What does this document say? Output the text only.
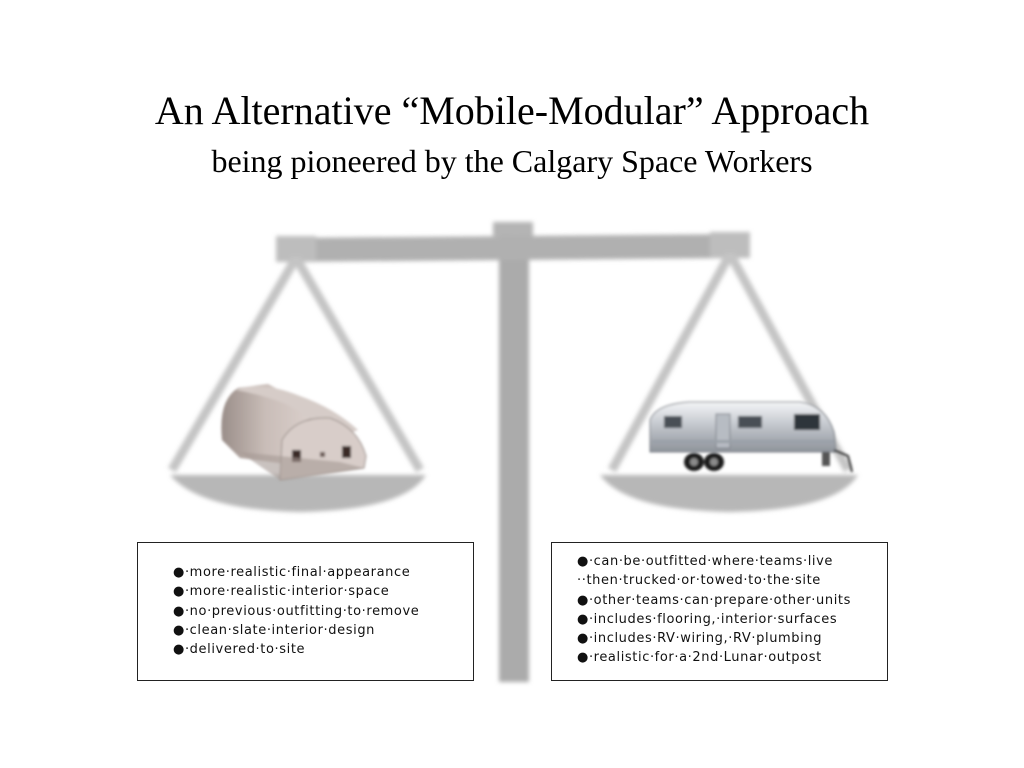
An Alternative “Mobile-Modular” Approach
being pioneered by the Calgary Space Workers
●·more·realistic·final·appearance
●·more·realistic·interior·space
●·no·previous·outfitting·to·remove
●·clean·slate·interior·design
●·delivered·to·site
●·can·be·outfitted·where·teams·live
··then·trucked·or·towed·to·the·site
●·other·teams·can·prepare·other·units
●·includes·flooring,·interior·surfaces
●·includes·RV·wiring,·RV·plumbing
●·realistic·for·a·2nd·Lunar·outpost
